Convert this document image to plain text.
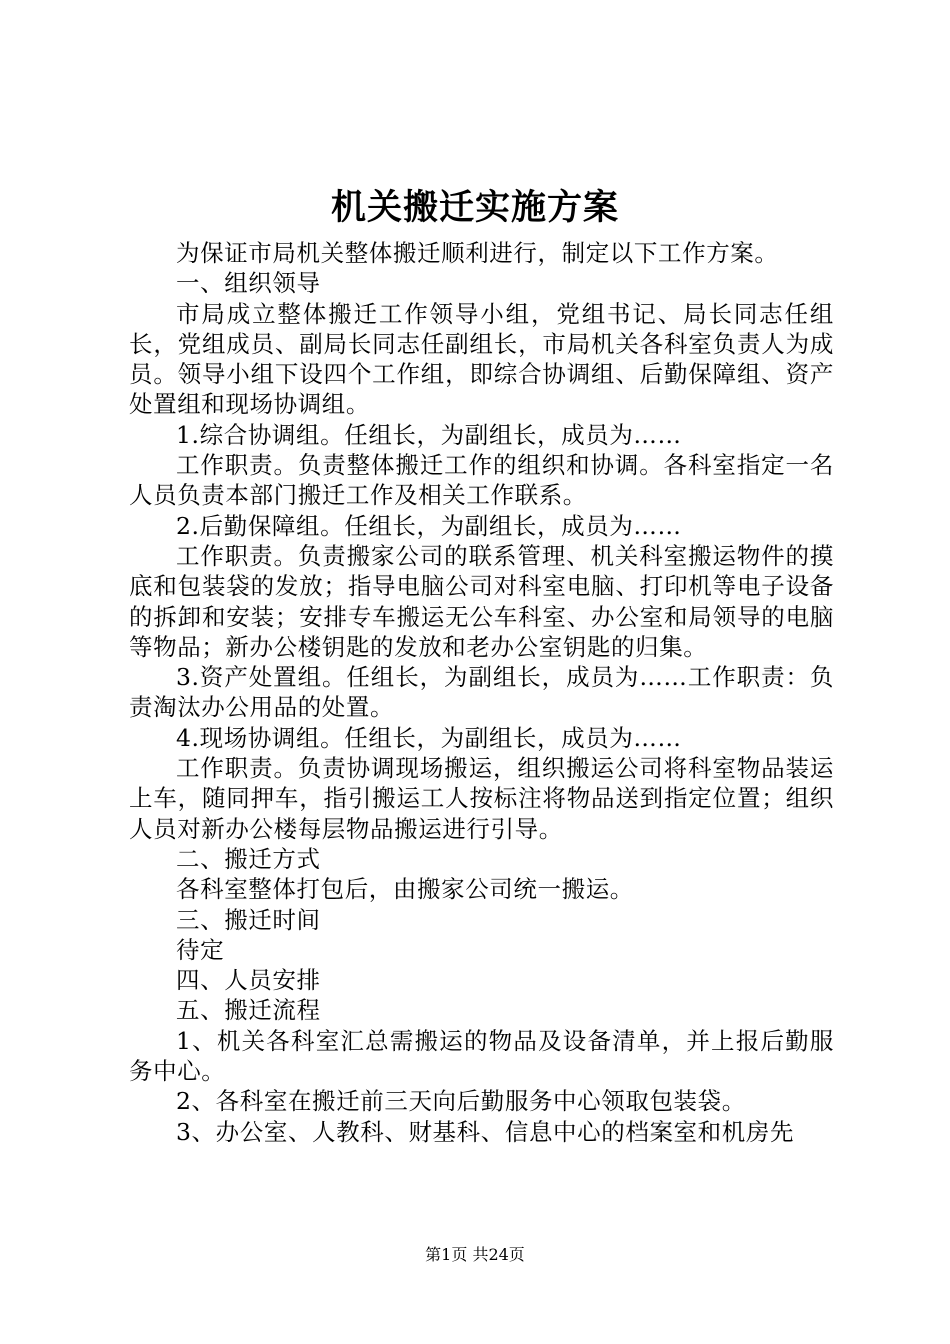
机关搬迁实施方案

为保证市局机关整体搬迁顺利进行，制定以下工作方案。

一、组织领导

市局成立整体搬迁工作领导小组，党组书记、局长同志任组长，党组成员、副局长同志任副组长，市局机关各科室负责人为成员。领导小组下设四个工作组，即综合协调组、后勤保障组、资产处置组和现场协调组。

1.综合协调组。任组长，为副组长，成员为……

工作职责。负责整体搬迁工作的组织和协调。各科室指定一名人员负责本部门搬迁工作及相关工作联系。

2.后勤保障组。任组长，为副组长，成员为……

工作职责。负责搬家公司的联系管理、机关科室搬运物件的摸底和包装袋的发放；指导电脑公司对科室电脑、打印机等电子设备的拆卸和安装；安排专车搬运无公车科室、办公室和局领导的电脑等物品；新办公楼钥匙的发放和老办公室钥匙的归集。

3.资产处置组。任组长，为副组长，成员为……工作职责：负责淘汰办公用品的处置。

4.现场协调组。任组长，为副组长，成员为……

工作职责。负责协调现场搬运，组织搬运公司将科室物品装运上车，随同押车，指引搬运工人按标注将物品送到指定位置；组织人员对新办公楼每层物品搬运进行引导。

二、搬迁方式

各科室整体打包后，由搬家公司统一搬运。

三、搬迁时间

待定

四、人员安排

五、搬迁流程

1、机关各科室汇总需搬运的物品及设备清单，并上报后勤服务中心。

2、各科室在搬迁前三天向后勤服务中心领取包装袋。

3、办公室、人教科、财基科、信息中心的档案室和机房先

第1页 共24页
